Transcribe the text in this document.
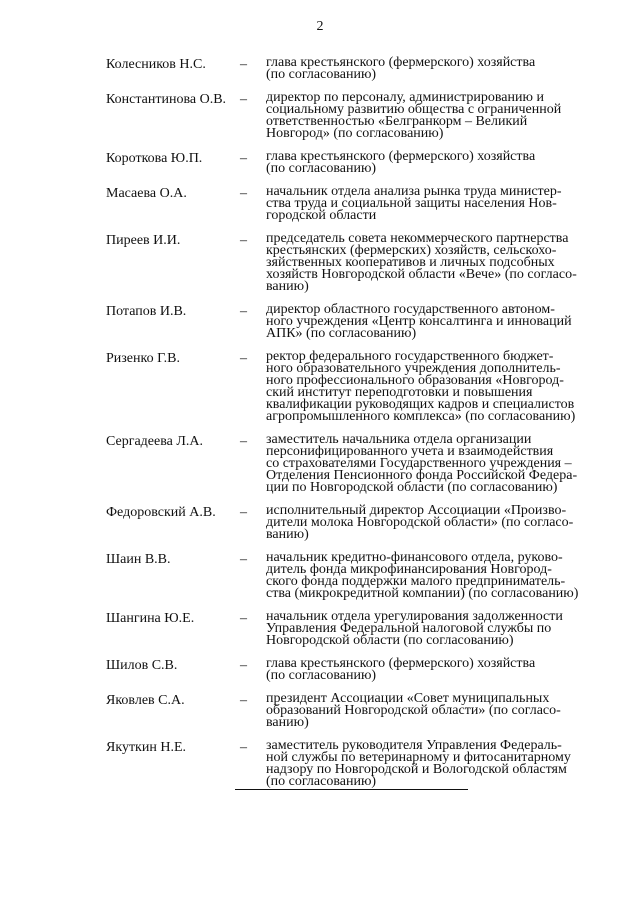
2
Колесников Н.С.	–	глава крестьянского (фермерского) хозяйства
(по согласованию)
Константинова О.В. –	директор по персоналу, администрированию и
социальному развитию общества с ограниченной
ответственностью «Белгранкорм – Великий
Новгород» (по согласованию)
Короткова Ю.П.	–	глава крестьянского (фермерского) хозяйства
(по согласованию)
Масаева О.А.	–	начальник отдела анализа рынка труда министер-
ства труда и социальной защиты населения Нов-
городской области
Пиреев И.И.	–	председатель совета некоммерческого партнерства
крестьянских (фермерских) хозяйств, сельскохо-
зяйственных кооперативов и личных подсобных
хозяйств Новгородской области «Вече» (по согласо-
ванию)
Потапов И.В.	–	директор областного государственного автоном-
ного учреждения «Центр консалтинга и инноваций
АПК» (по согласованию)
Ризенко Г.В.	–	ректор федерального государственного бюджет-
ного образовательного учреждения дополнитель-
ного профессионального образования «Новгород-
ский институт переподготовки и повышения
квалификации руководящих кадров и специалистов
агропромышленного комплекса» (по согласованию)
Сергадеева Л.А.	–	заместитель начальника отдела организации
персонифицированного учета и взаимодействия
со страхователями Государственного учреждения –
Отделения Пенсионного фонда Российской Федера-
ции по Новгородской области (по согласованию)
Федоровский А.В.	–	исполнительный директор Ассоциации «Произво-
дители молока Новгородской области» (по согласо-
ванию)
Шаин В.В.	–	начальник кредитно-финансового отдела, руково-
дитель фонда микрофинансирования Новгород-
ского фонда поддержки малого предприниматель-
ства (микрокредитной компании) (по согласованию)
Шангина Ю.Е.	–	начальник отдела урегулирования задолженности
Управления Федеральной налоговой службы по
Новгородской области (по согласованию)
Шилов С.В.	–	глава крестьянского (фермерского) хозяйства
(по согласованию)
Яковлев С.А.	–	президент Ассоциации «Совет муниципальных
образований Новгородской области» (по согласо-
ванию)
Якуткин Н.Е.	–	заместитель руководителя Управления Федераль-
ной службы по ветеринарному и фитосанитарному
надзору по Новгородской и Вологодской областям
(по согласованию)
